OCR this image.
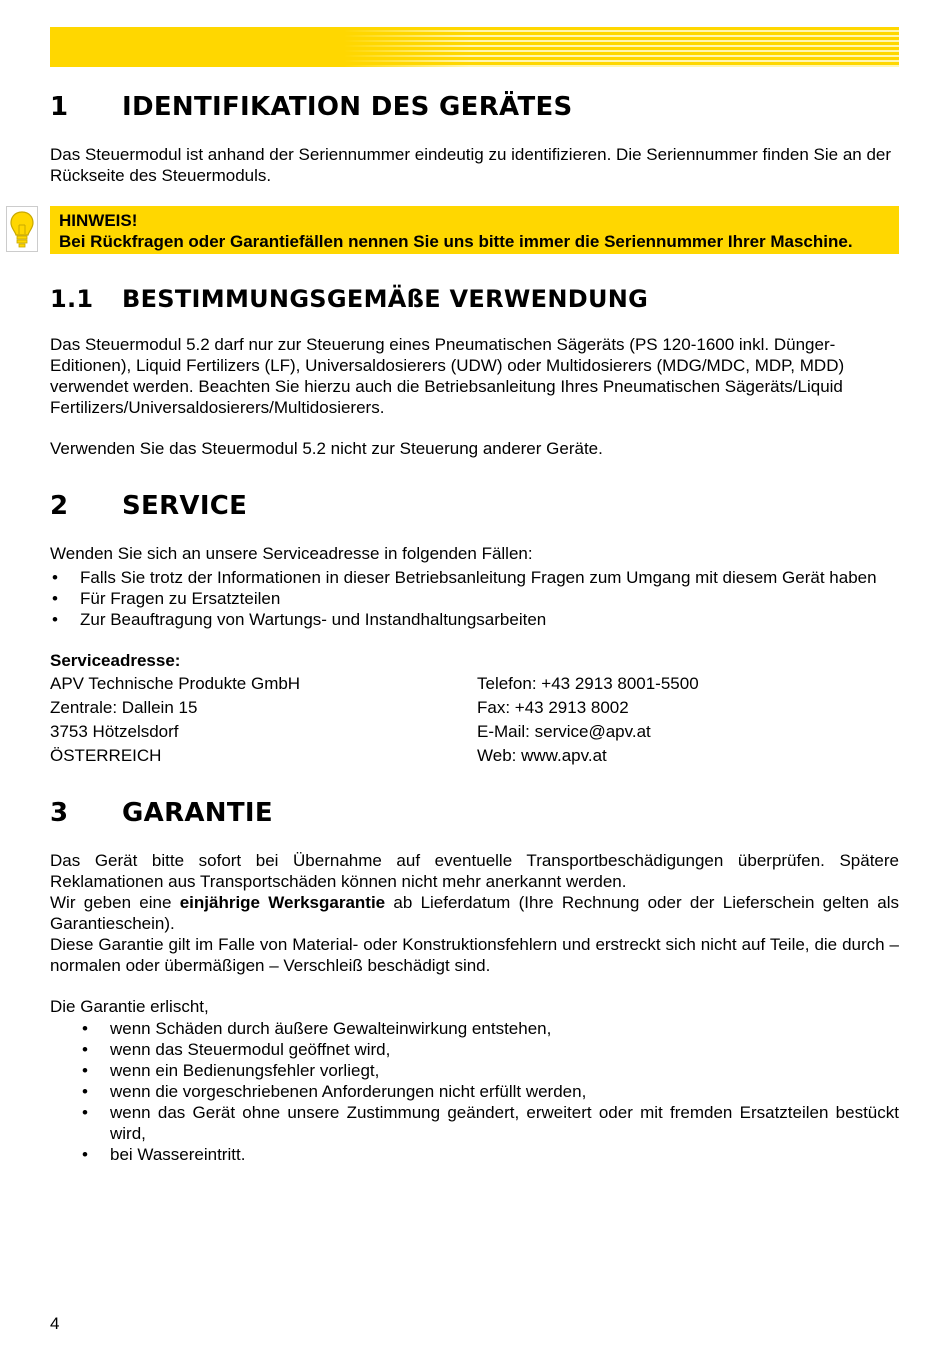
1 IDENTIFIKATION DES GERÄTES

Das Steuermodul ist anhand der Seriennummer eindeutig zu identifizieren. Die Seriennummer finden Sie an der Rückseite des Steuermoduls.

HINWEIS!
Bei Rückfragen oder Garantiefällen nennen Sie uns bitte immer die Seriennummer Ihrer Maschine.
1.1 BESTIMMUNGSGEMÄßE VERWENDUNG

Das Steuermodul 5.2 darf nur zur Steuerung eines Pneumatischen Sägeräts (PS 120-1600 inkl. Dünger-Editionen), Liquid Fertilizers (LF), Universaldosierers (UDW) oder Multidosierers (MDG/MDC, MDP, MDD) verwendet werden. Beachten Sie hierzu auch die Betriebsanleitung Ihres Pneumatischen Sägeräts/Liquid Fertilizers/Universaldosierers/Multidosierers.

Verwenden Sie das Steuermodul 5.2 nicht zur Steuerung anderer Geräte.

2 SERVICE

Wenden Sie sich an unsere Serviceadresse in folgenden Fällen:

• Falls Sie trotz der Informationen in dieser Betriebsanleitung Fragen zum Umgang mit diesem Gerät haben
• Für Fragen zu Ersatzteilen
• Zur Beauftragung von Wartungs- und Instandhaltungsarbeiten

Serviceadresse:

APV Technische Produkte GmbH	Telefon: +43 2913 8001-5500
Zentrale: Dallein 15	Fax: +43 2913 8002
3753 Hötzelsdorf	E-Mail: service@apv.at
ÖSTERREICH	Web: www.apv.at
3 GARANTIE

Das Gerät bitte sofort bei Übernahme auf eventuelle Transportbeschädigungen überprüfen. Spätere Reklamationen aus Transportschäden können nicht mehr anerkannt werden.

Wir geben eine einjährige Werksgarantie ab Lieferdatum (Ihre Rechnung oder der Lieferschein gelten als Garantieschein).

Diese Garantie gilt im Falle von Material- oder Konstruktionsfehlern und erstreckt sich nicht auf Teile, die durch – normalen oder übermäßigen – Verschleiß beschädigt sind.

Die Garantie erlischt,

• wenn Schäden durch äußere Gewalteinwirkung entstehen,
• wenn das Steuermodul geöffnet wird,
• wenn ein Bedienungsfehler vorliegt,
• wenn die vorgeschriebenen Anforderungen nicht erfüllt werden,
• wenn das Gerät ohne unsere Zustimmung geändert, erweitert oder mit fremden Ersatzteilen bestückt wird,
• bei Wassereintritt.
4
